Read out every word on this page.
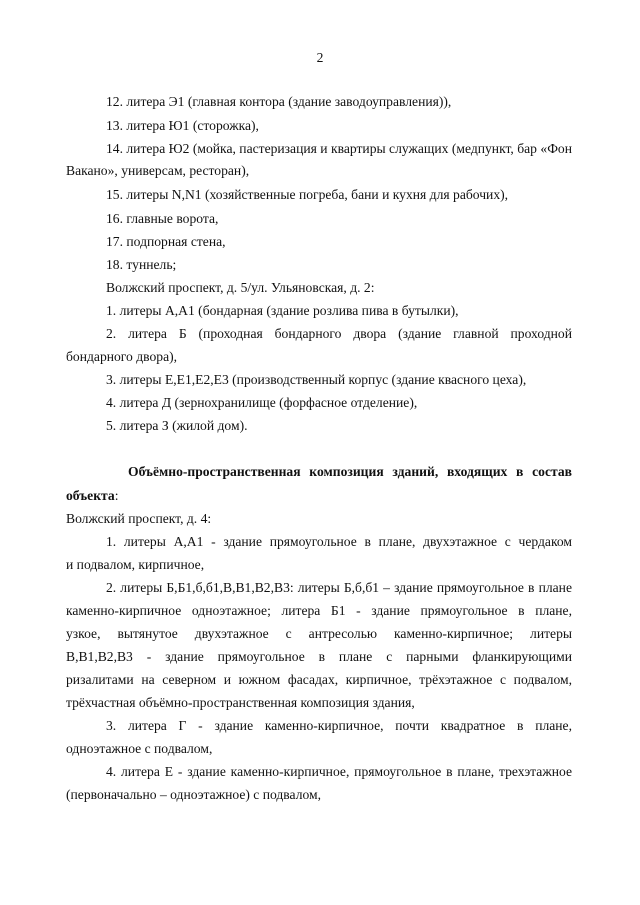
2
12. литера Э1 (главная контора (здание заводоуправления)),
13. литера Ю1 (сторожка),
14. литера Ю2 (мойка, пастеризация и квартиры служащих (медпункт, бар «Фон
Вакано», универсам, ресторан),
15. литеры N,N1 (хозяйственные погреба, бани и кухня для рабочих),
16. главные ворота,
17. подпорная стена,
18. туннель;
Волжский проспект, д. 5/ул. Ульяновская, д. 2:
1. литеры А,А1 (бондарная (здание розлива пива в бутылки),
2. литера Б (проходная бондарного двора (здание главной проходной
бондарного двора),
3. литеры Е,Е1,Е2,Е3 (производственный корпус (здание квасного цеха),
4. литера Д (зернохранилище (форфасное отделение),
5. литера З (жилой дом).
Объёмно-пространственная композиция зданий, входящих в состав
объекта:
Волжский проспект, д. 4:
1. литеры А,А1 - здание прямоугольное в плане, двухэтажное с чердаком
и подвалом, кирпичное,
2. литеры Б,Б1,б,б1,В,В1,В2,В3: литеры Б,б,б1 – здание прямоугольное в плане
каменно-кирпичное одноэтажное; литера Б1 - здание прямоугольное в плане,
узкое, вытянутое двухэтажное с антресолью каменно-кирпичное; литеры
В,В1,В2,В3 - здание прямоугольное в плане с парными фланкирующими
ризалитами на северном и южном фасадах, кирпичное, трёхэтажное с подвалом,
трёхчастная объёмно-пространственная композиция здания,
3. литера Г - здание каменно-кирпичное, почти квадратное в плане,
одноэтажное с подвалом,
4. литера Е - здание каменно-кирпичное, прямоугольное в плане, трехэтажное
(первоначально – одноэтажное) с подвалом,
